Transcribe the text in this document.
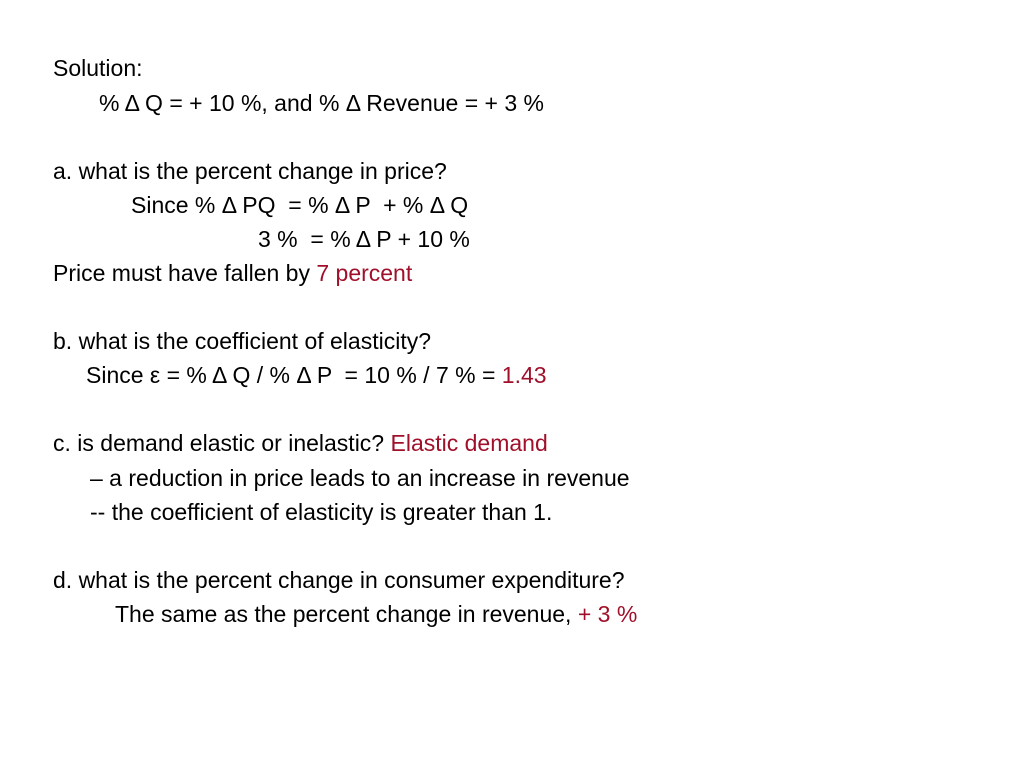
Solution:
% Δ Q = + 10 %, and % Δ Revenue = + 3 %
a. what is the percent change in price?
Since % Δ PQ  = % Δ P  + % Δ Q
3 %  = % Δ P + 10 %
Price must have fallen by 7 percent
b. what is the coefficient of elasticity?
Since ε = % Δ Q / % Δ P  = 10 % / 7 % = 1.43
c. is demand elastic or inelastic? Elastic demand
– a reduction in price leads to an increase in revenue
-- the coefficient of elasticity is greater than 1.
d. what is the percent change in consumer expenditure?
The same as the percent change in revenue, + 3 %
